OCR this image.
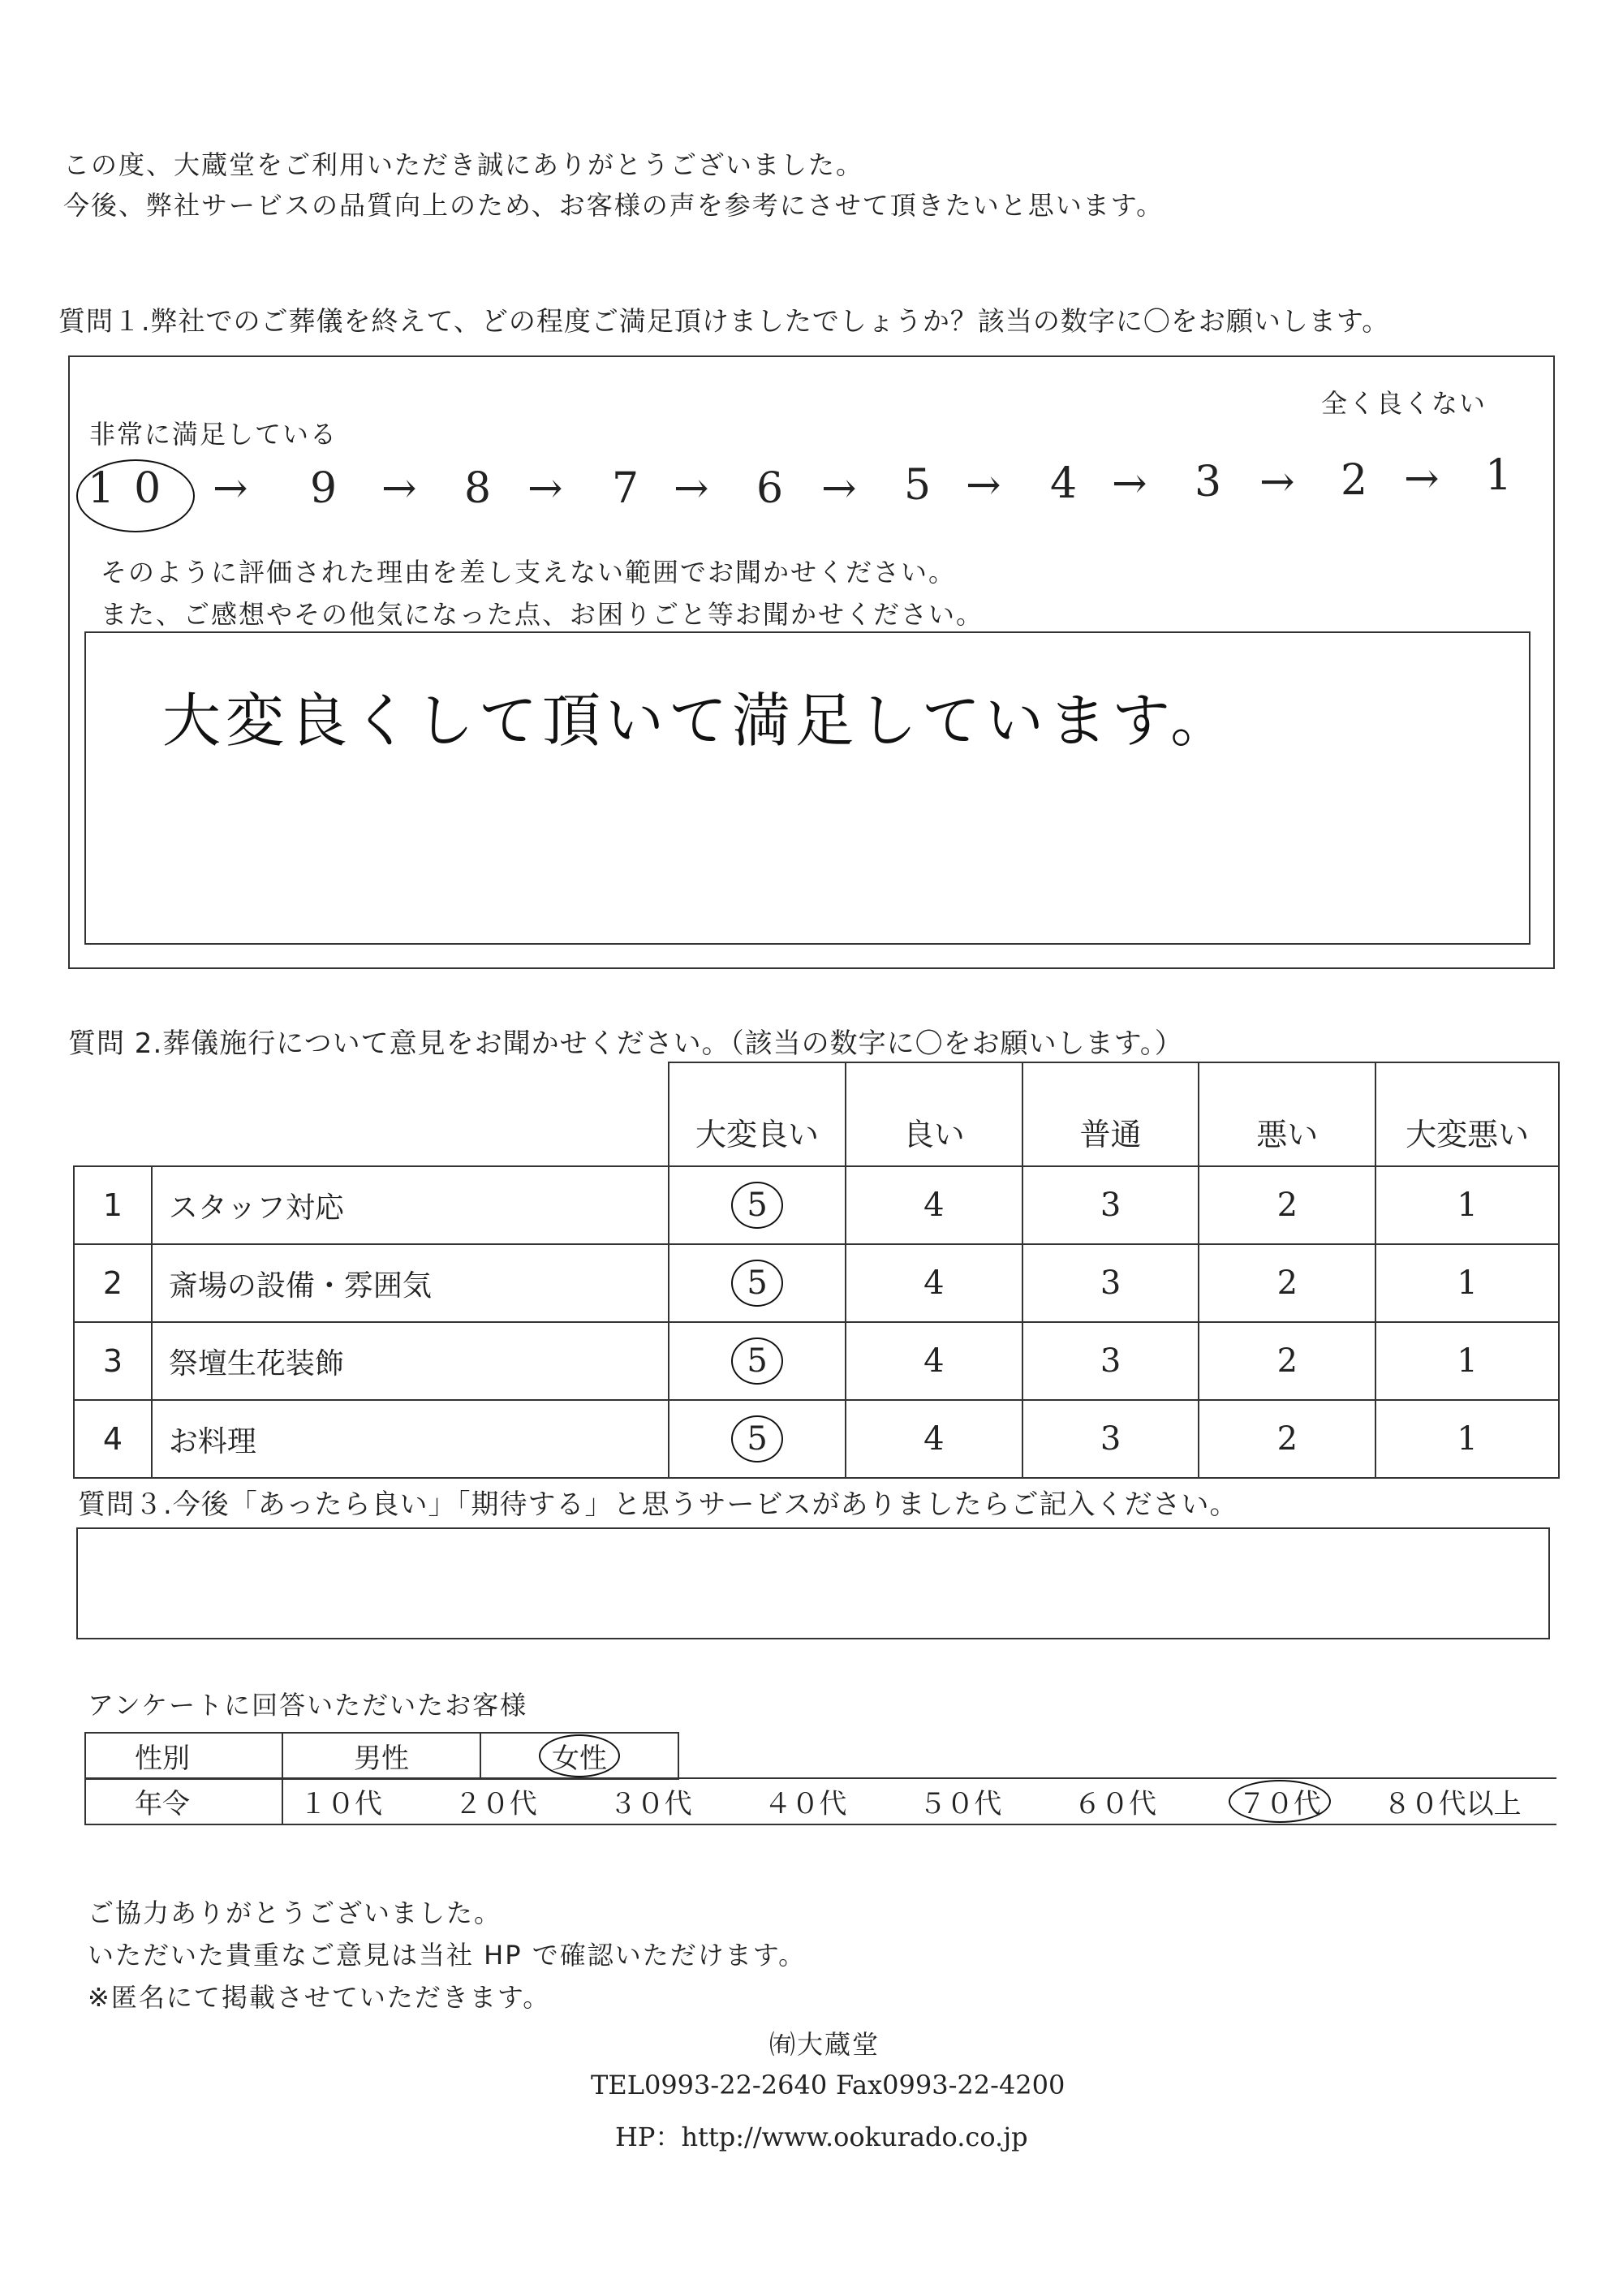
この度、大蔵堂をご利用いただき誠にありがとうございました。
今後、弊社サービスの品質向上のため、お客様の声を参考にさせて頂きたいと思います。
質問１.弊社でのご葬儀を終えて、どの程度ご満足頂けましたでしょうか？該当の数字に〇をお願いします。
非常に満足している
全く良くない
10 → 9 → 8 → 7 → 6 → 5 → 4 → 3 → 2 → 1
そのように評価された理由を差し支えない範囲でお聞かせください。
また、ご感想やその他気になった点、お困りごと等お聞かせください。
大変良くして頂いて満足しています。
質問 2.葬儀施行について意見をお聞かせください。（該当の数字に〇をお願いします。）
		大変良い	良い	普通	悪い	大変悪い
1	スタッフ対応	5	4	3	2	1
2	斎場の設備・雰囲気	5	4	3	2	1
3	祭壇生花装飾	5	4	3	2	1
4	お料理	5	4	3	2	1
質問３.今後「あったら良い」「期待する」と思うサービスがありましたらご記入ください。
アンケートに回答いただいたお客様
性別	男性	女性
年令	１０代	２０代	３０代	４０代	５０代	６０代	７０代 ８０代以上
ご協力ありがとうございました。
いただいた貴重なご意見は当社 HP で確認いただけます。
※匿名にて掲載させていただきます。
㈲大蔵堂
TEL0993-22-2640 Fax0993-22-4200
HP：http://www.ookurado.co.jp
